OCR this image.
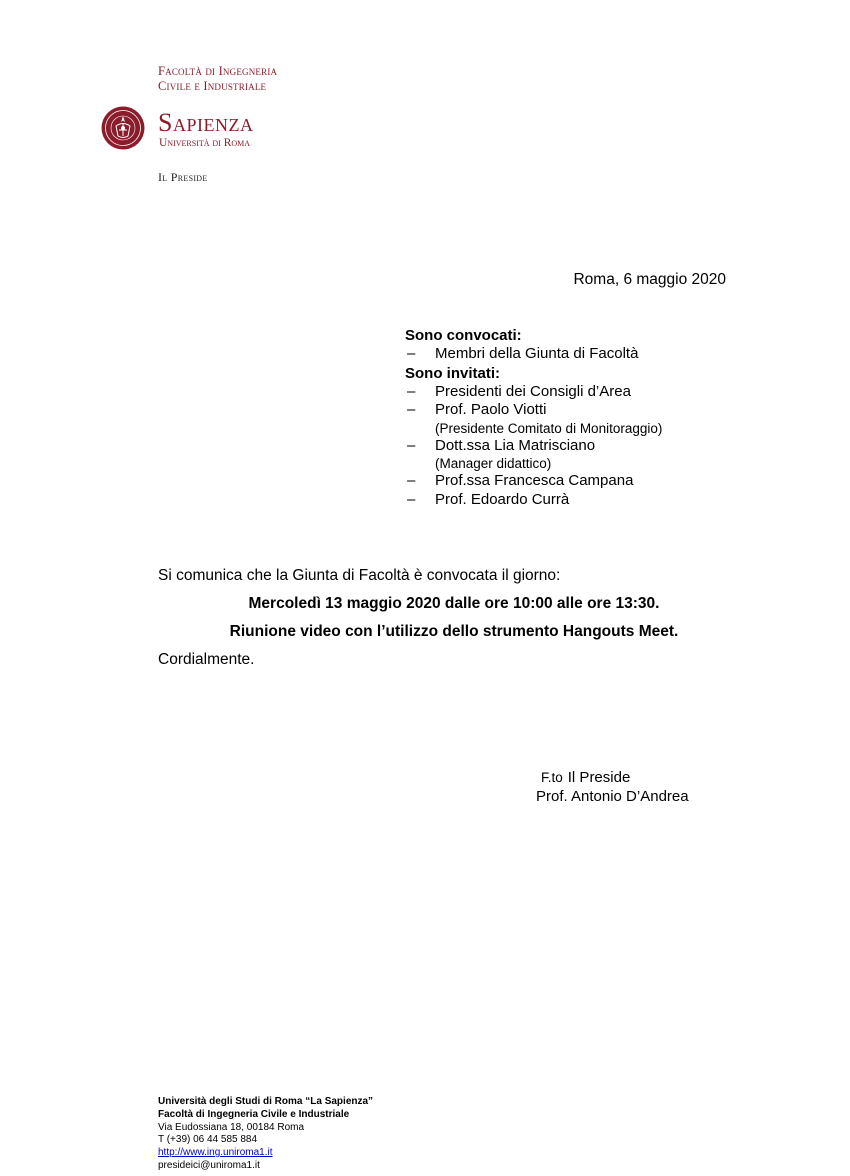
Facoltà di Ingegneria
Civile e Industriale
Sapienza
Università di Roma
Il Preside
Roma, 6 maggio 2020
Sono convocati:
– Membri della Giunta di Facoltà
Sono invitati:
– Presidenti dei Consigli d’Area
– Prof. Paolo Viotti
(Presidente Comitato di Monitoraggio)
– Dott.ssa Lia Matrisciano
(Manager didattico)
– Prof.ssa Francesca Campana
– Prof. Edoardo Currà
Si comunica che la Giunta di Facoltà è convocata il giorno:
Mercoledì 13 maggio 2020 dalle ore 10:00 alle ore 13:30.
Riunione video con l’utilizzo dello strumento Hangouts Meet.
Cordialmente.
F.to Il Preside
Prof. Antonio D’Andrea
Università degli Studi di Roma “La Sapienza”
Facoltà di Ingegneria Civile e Industriale
Via Eudossiana 18, 00184 Roma
T (+39) 06 44 585 884
http://www.ing.uniroma1.it
presideici@uniroma1.it
